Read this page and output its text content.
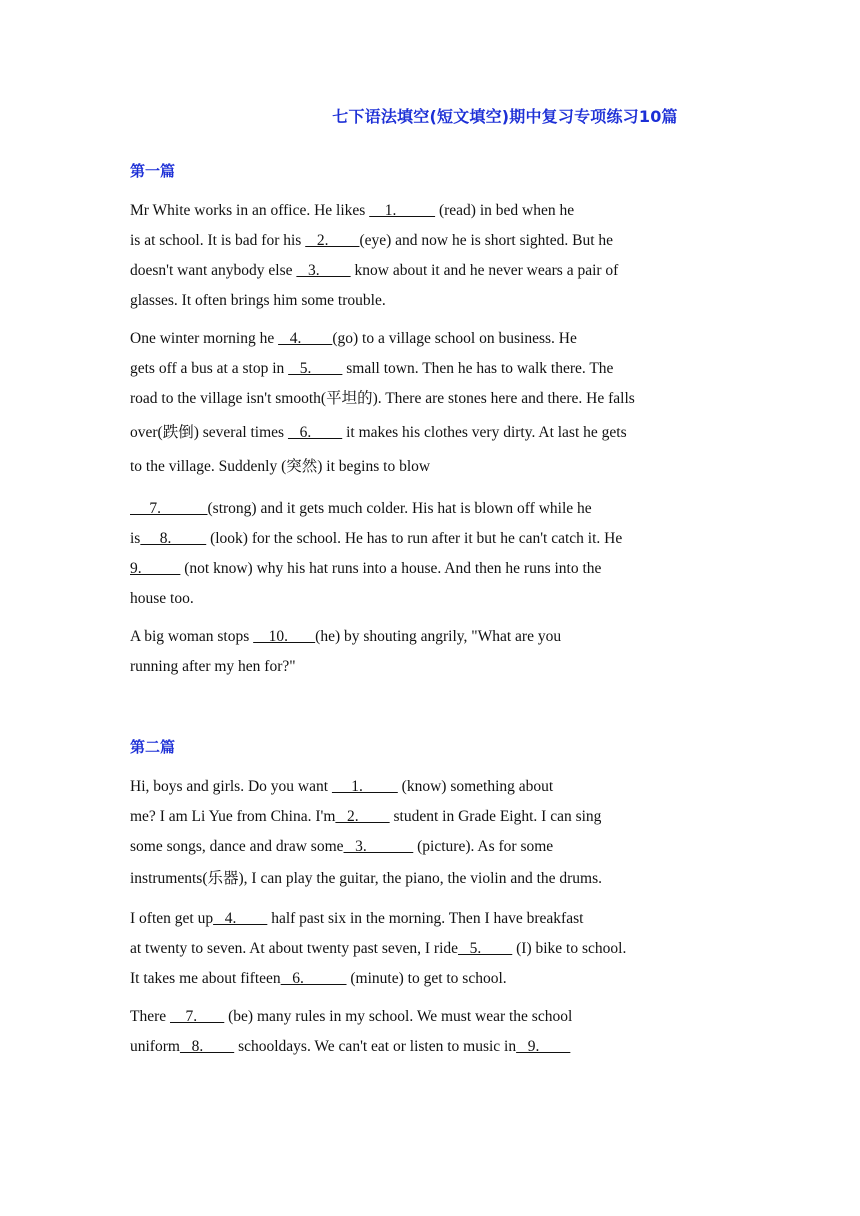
七下语法填空(短文填空)期中复习专项练习10篇
第一篇
Mr White works in an office. He likes     1.           (read) in bed when he
is at school. It is bad for his    2.        (eye) and now he is short sighted. But he
doesn't want anybody else    3.         know about it and he never wears a pair of
glasses. It often brings him some trouble.
One winter morning he    4.        (go) to a village school on business. He
gets off a bus at a stop in    5.         small town. Then he has to walk there. The
road to the village isn't smooth(平坦的). There are stones here and there. He falls
over(跌倒) several times    6.         it makes his clothes very dirty. At last he gets
to the village. Suddenly (突然) it begins to blow
7.            (strong) and it gets much colder. His hat is blown off while he
is     8.          (look) for the school. He has to run after it but he can't catch it. He
9.           (not know) why his hat runs into a house. And then he runs into the
house too.
A big woman stops     10.       (he) by shouting angrily, "What are you
running after my hen for?"
第二篇
Hi, boys and girls. Do you want      1.          (know) something about
me? I am Li Yue from China. I'm   2.         student in Grade Eight. I can sing
some songs, dance and draw some   3.             (picture). As for some
instruments(乐器), I can play the guitar, the piano, the violin and the drums.
I often get up   4.         half past six in the morning. Then I have breakfast
at twenty to seven. At about twenty past seven, I ride   5.         (I) bike to school.
It takes me about fifteen   6.            (minute) to get to school.
There     7.        (be) many rules in my school. We must wear the school
uniform   8.         schooldays. We can't eat or listen to music in   9.
